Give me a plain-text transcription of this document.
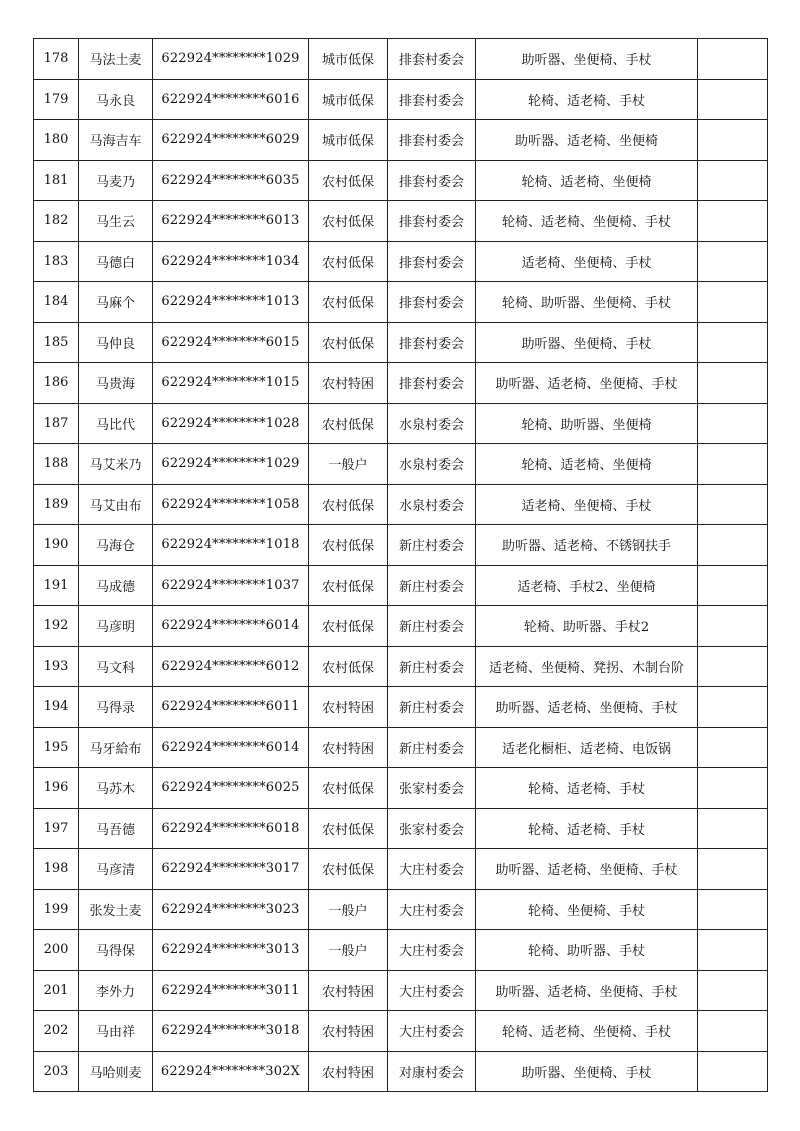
178	马法土麦	622924********1029	城市低保	排套村委会	助听器、坐便椅、手杖	
179	马永良	622924********6016	城市低保	排套村委会	轮椅、适老椅、手杖	
180	马海吉车	622924********6029	城市低保	排套村委会	助听器、适老椅、坐便椅	
181	马麦乃	622924********6035	农村低保	排套村委会	轮椅、适老椅、坐便椅	
182	马生云	622924********6013	农村低保	排套村委会	轮椅、适老椅、坐便椅、手杖	
183	马德白	622924********1034	农村低保	排套村委会	适老椅、坐便椅、手杖	
184	马麻个	622924********1013	农村低保	排套村委会	轮椅、助听器、坐便椅、手杖	
185	马仲良	622924********6015	农村低保	排套村委会	助听器、坐便椅、手杖	
186	马贵海	622924********1015	农村特困	排套村委会	助听器、适老椅、坐便椅、手杖	
187	马比代	622924********1028	农村低保	水泉村委会	轮椅、助听器、坐便椅	
188	马艾米乃	622924********1029	一般户	水泉村委会	轮椅、适老椅、坐便椅	
189	马艾由布	622924********1058	农村低保	水泉村委会	适老椅、坐便椅、手杖	
190	马海仓	622924********1018	农村低保	新庄村委会	助听器、适老椅、不锈钢扶手	
191	马成德	622924********1037	农村低保	新庄村委会	适老椅、手杖2、坐便椅	
192	马彦明	622924********6014	农村低保	新庄村委会	轮椅、助听器、手杖2	
193	马文科	622924********6012	农村低保	新庄村委会	适老椅、坐便椅、凳拐、木制台阶	
194	马得录	622924********6011	农村特困	新庄村委会	助听器、适老椅、坐便椅、手杖	
195	马牙給布	622924********6014	农村特困	新庄村委会	适老化橱柜、适老椅、电饭锅	
196	马苏木	622924********6025	农村低保	张家村委会	轮椅、适老椅、手杖	
197	马吾德	622924********6018	农村低保	张家村委会	轮椅、适老椅、手杖	
198	马彦清	622924********3017	农村低保	大庄村委会	助听器、适老椅、坐便椅、手杖	
199	张发土麦	622924********3023	一般户	大庄村委会	轮椅、坐便椅、手杖	
200	马得保	622924********3013	一般户	大庄村委会	轮椅、助听器、手杖	
201	李外力	622924********3011	农村特困	大庄村委会	助听器、适老椅、坐便椅、手杖	
202	马由祥	622924********3018	农村特困	大庄村委会	轮椅、适老椅、坐便椅、手杖	
203	马哈则麦	622924********302X	农村特困	对康村委会	助听器、坐便椅、手杖	
